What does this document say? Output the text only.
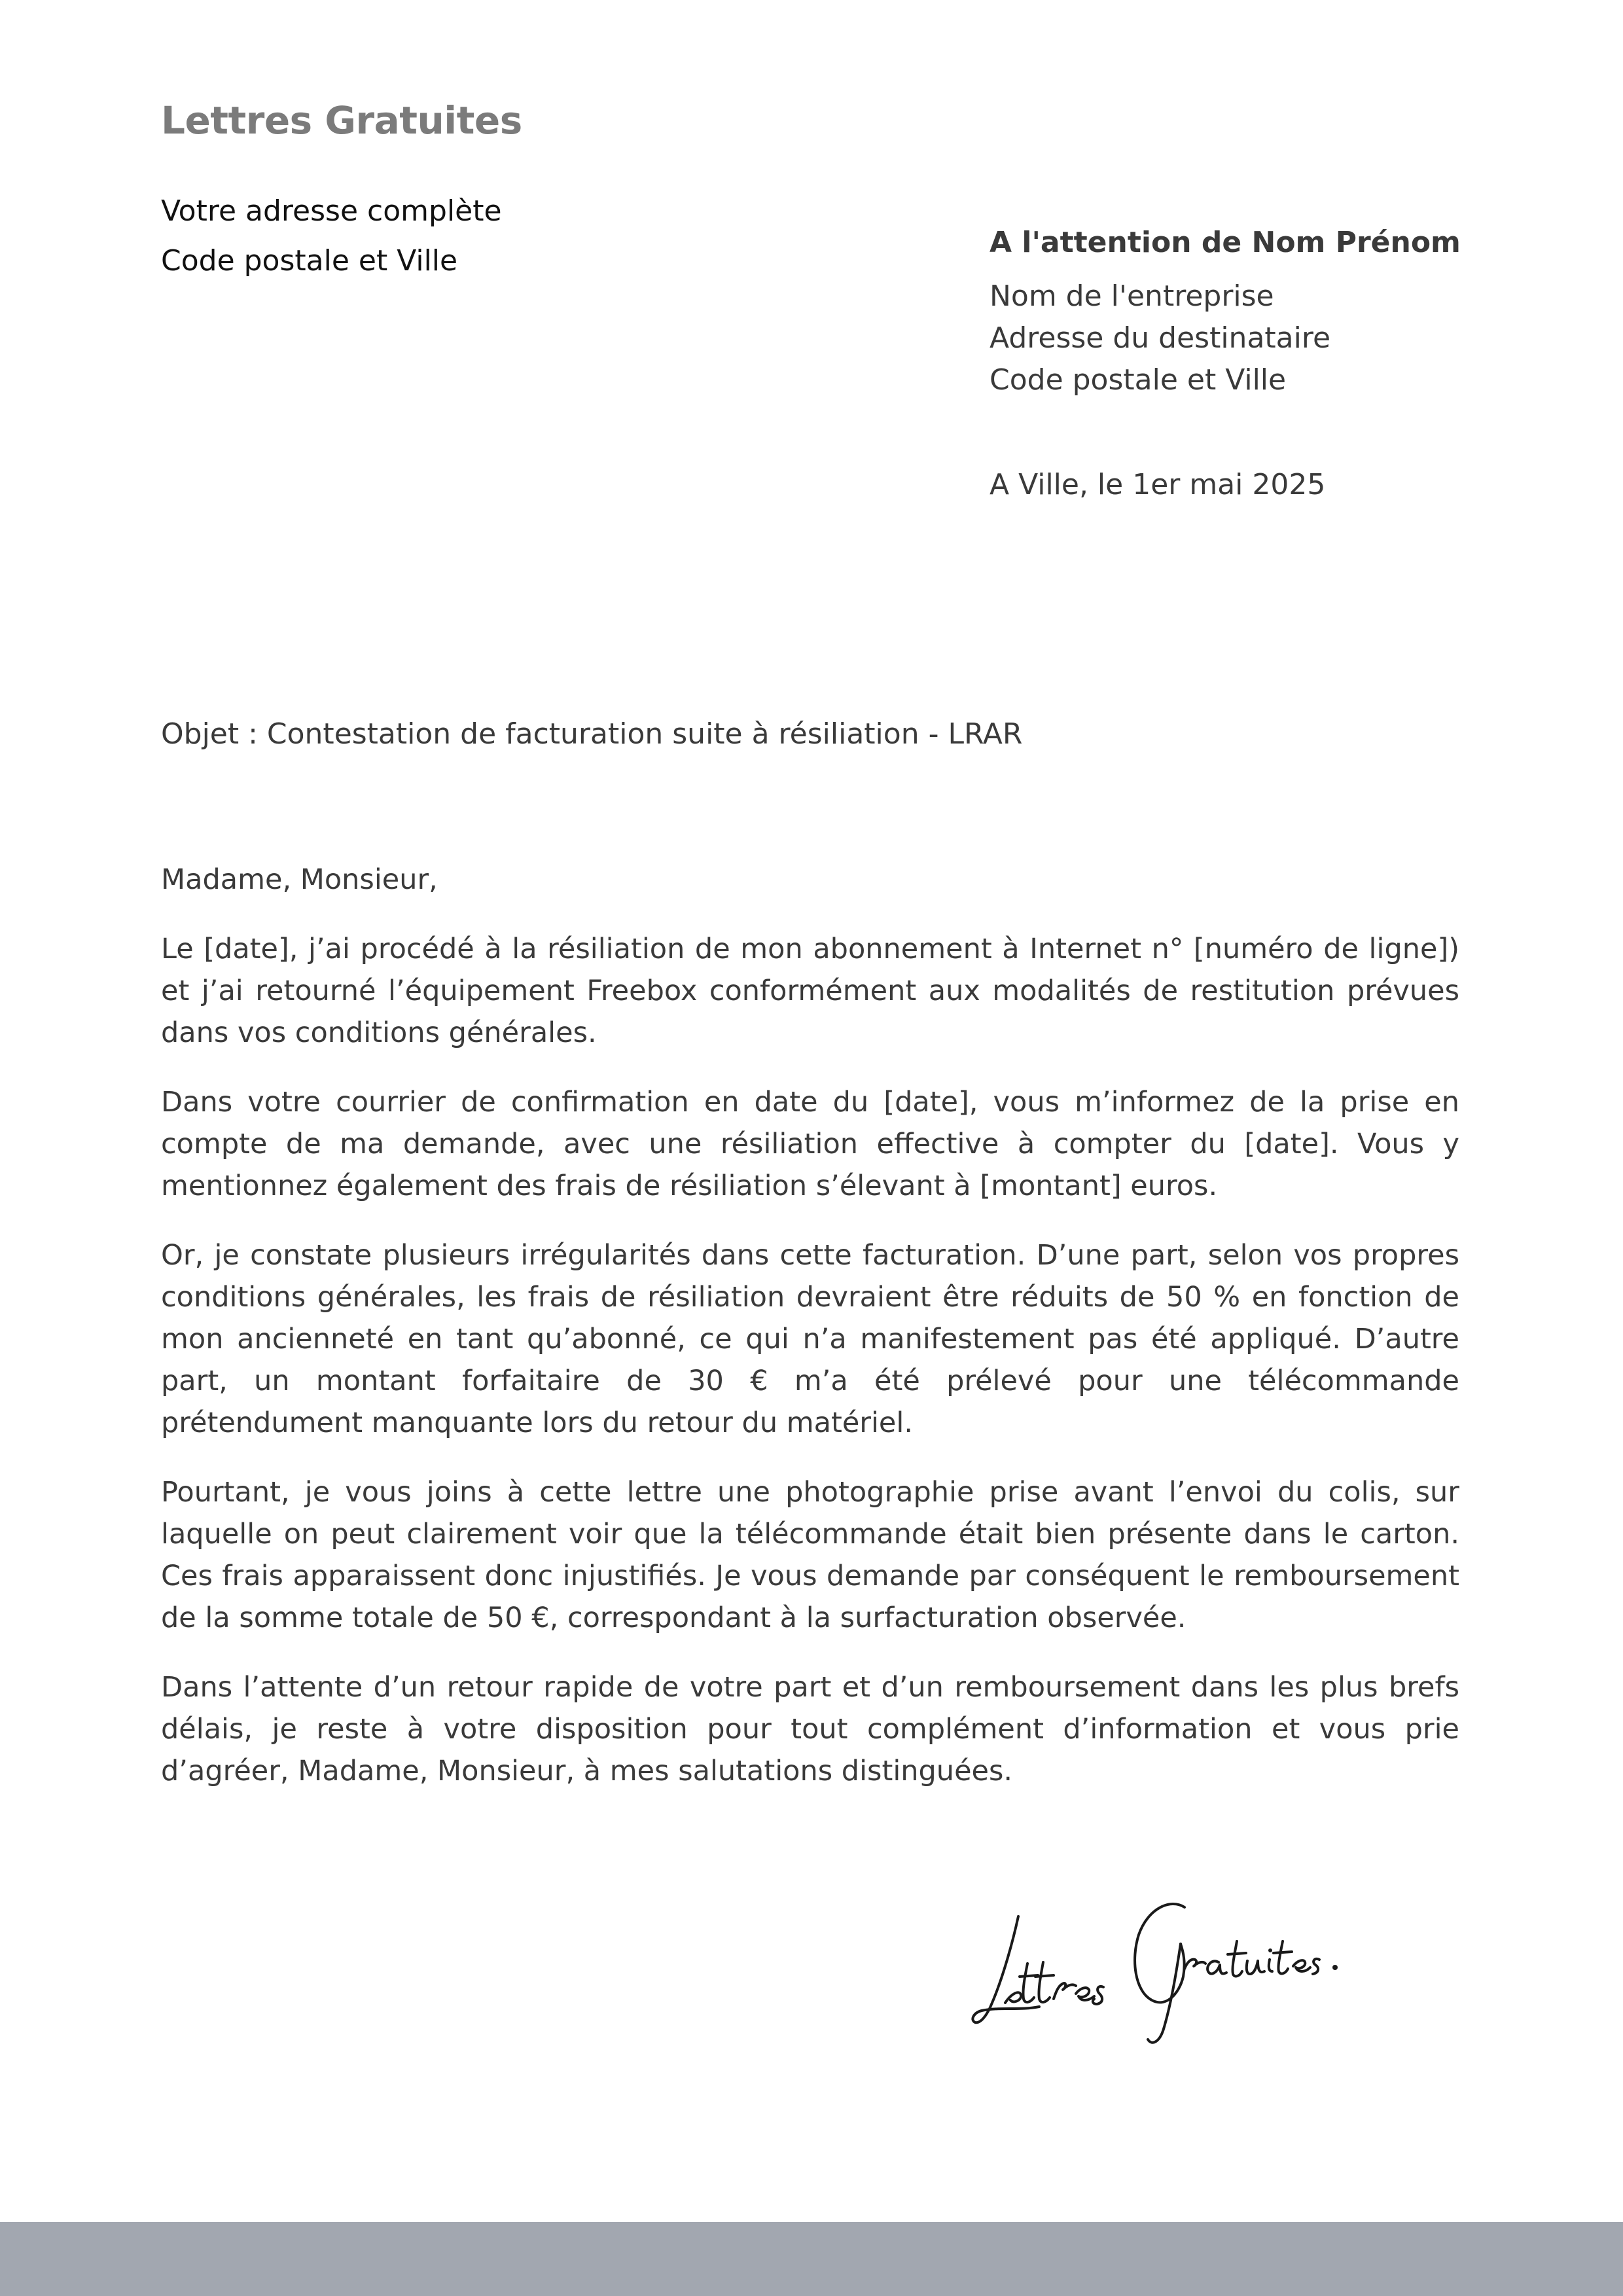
Lettres Gratuites
Votre adresse complète
Code postale et Ville
A l'attention de Nom Prénom
Nom de l'entreprise
Adresse du destinataire
Code postale et Ville
A Ville, le 1er mai 2025
Objet : Contestation de facturation suite à résiliation - LRAR
Madame, Monsieur,

Le [date], j’ai procédé à la résiliation de mon abonnement à Internet n° [numéro de ligne]) et j’ai retourné l’équipement Freebox conformément aux modalités de restitution prévues dans vos conditions générales.

Dans votre courrier de confirmation en date du [date], vous m’informez de la prise en compte de ma demande, avec une résiliation effective à compter du [date]. Vous y mentionnez également des frais de résiliation s’élevant à [montant] euros.

Or, je constate plusieurs irrégularités dans cette facturation. D’une part, selon vos propres conditions générales, les frais de résiliation devraient être réduits de 50 % en fonction de mon ancienneté en tant qu’abonné, ce qui n’a manifestement pas été appliqué. D’autre part, un montant forfaitaire de 30 € m’a été prélevé pour une télécommande prétendument manquante lors du retour du matériel.

Pourtant, je vous joins à cette lettre une photographie prise avant l’envoi du colis, sur laquelle on peut clairement voir que la télécommande était bien présente dans le carton. Ces frais apparaissent donc injustifiés. Je vous demande par conséquent le remboursement de la somme totale de 50 €, correspondant à la surfacturation observée.

Dans l’attente d’un retour rapide de votre part et d’un remboursement dans les plus brefs délais, je reste à votre disposition pour tout complément d’information et vous prie d’agréer, Madame, Monsieur, à mes salutations distinguées.
